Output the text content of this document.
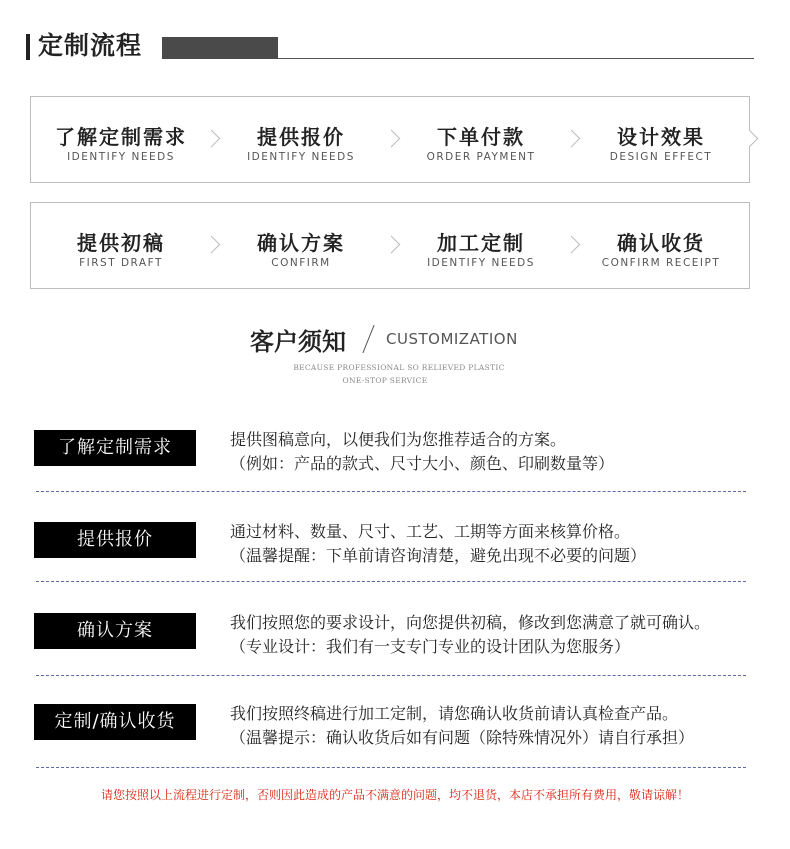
定制流程
了解定制需求
IDENTIFY NEEDS
提供报价
IDENTIFY NEEDS
下单付款
ORDER PAYMENT
设计效果
DESIGN EFFECT
提供初稿
FIRST DRAFT
确认方案
CONFIRM
加工定制
IDENTIFY NEEDS
确认收货
CONFIRM RECEIPT
客户须知	CUSTOMIZATION
BECAUSE PROFESSIONAL SO RELIEVED PLASTIC
ONE-STOP SERVICE
了解定制需求	提供图稿意向，以便我们为您推荐适合的方案。
（例如：产品的款式、尺寸大小、颜色、印刷数量等）
提供报价	通过材料、数量、尺寸、工艺、工期等方面来核算价格。
（温馨提醒：下单前请咨询清楚，避免出现不必要的问题）
确认方案	我们按照您的要求设计，向您提供初稿，修改到您满意了就可确认。
（专业设计：我们有一支专门专业的设计团队为您服务）
定制/确认收货	我们按照终稿进行加工定制，请您确认收货前请认真检查产品。
（温馨提示：确认收货后如有问题（除特殊情况外）请自行承担）
请您按照以上流程进行定制，否则因此造成的产品不满意的问题，均不退货，本店不承担所有费用，敬请谅解！
